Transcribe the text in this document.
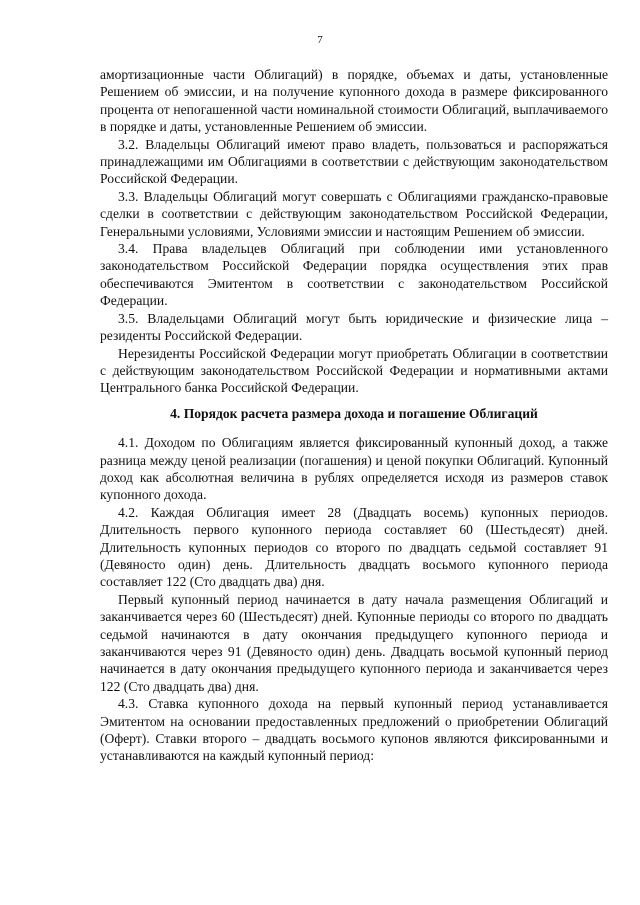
7

амортизационные части Облигаций) в порядке, объемах и даты, установленные Решением об эмиссии, и на получение купонного дохода в размере фиксированного процента от непогашенной части номинальной стоимости Облигаций, выплачиваемого в порядке и даты, установленные Решением об эмиссии.

3.2. Владельцы Облигаций имеют право владеть, пользоваться и распоряжаться принадлежащими им Облигациями в соответствии с действующим законодательством Российской Федерации.

3.3. Владельцы Облигаций могут совершать с Облигациями гражданско-правовые сделки в соответствии с действующим законодательством Российской Федерации, Генеральными условиями, Условиями эмиссии и настоящим Решением об эмиссии.

3.4. Права владельцев Облигаций при соблюдении ими установленного законодательством Российской Федерации порядка осуществления этих прав обеспечиваются Эмитентом в соответствии с законодательством Российской Федерации.

3.5. Владельцами Облигаций могут быть юридические и физические лица – резиденты Российской Федерации.

Нерезиденты Российской Федерации могут приобретать Облигации в соответствии с действующим законодательством Российской Федерации и нормативными актами Центрального банка Российской Федерации.

4. Порядок расчета размера дохода и погашение Облигаций

4.1. Доходом по Облигациям является фиксированный купонный доход, а также разница между ценой реализации (погашения) и ценой покупки Облигаций. Купонный доход как абсолютная величина в рублях определяется исходя из размеров ставок купонного дохода.

4.2. Каждая Облигация имеет 28 (Двадцать восемь) купонных периодов. Длительность первого купонного периода составляет 60 (Шестьдесят) дней. Длительность купонных периодов со второго по двадцать седьмой составляет 91 (Девяносто один) день. Длительность двадцать восьмого купонного периода составляет 122 (Сто двадцать два) дня.

Первый купонный период начинается в дату начала размещения Облигаций и заканчивается через 60 (Шестьдесят) дней. Купонные периоды со второго по двадцать седьмой начинаются в дату окончания предыдущего купонного периода и заканчиваются через 91 (Девяносто один) день. Двадцать восьмой купонный период начинается в дату окончания предыдущего купонного периода и заканчивается через 122 (Сто двадцать два) дня.

4.3. Ставка купонного дохода на первый купонный период устанавливается Эмитентом на основании предоставленных предложений о приобретении Облигаций (Оферт). Ставки второго – двадцать восьмого купонов являются фиксированными и устанавливаются на каждый купонный период:
